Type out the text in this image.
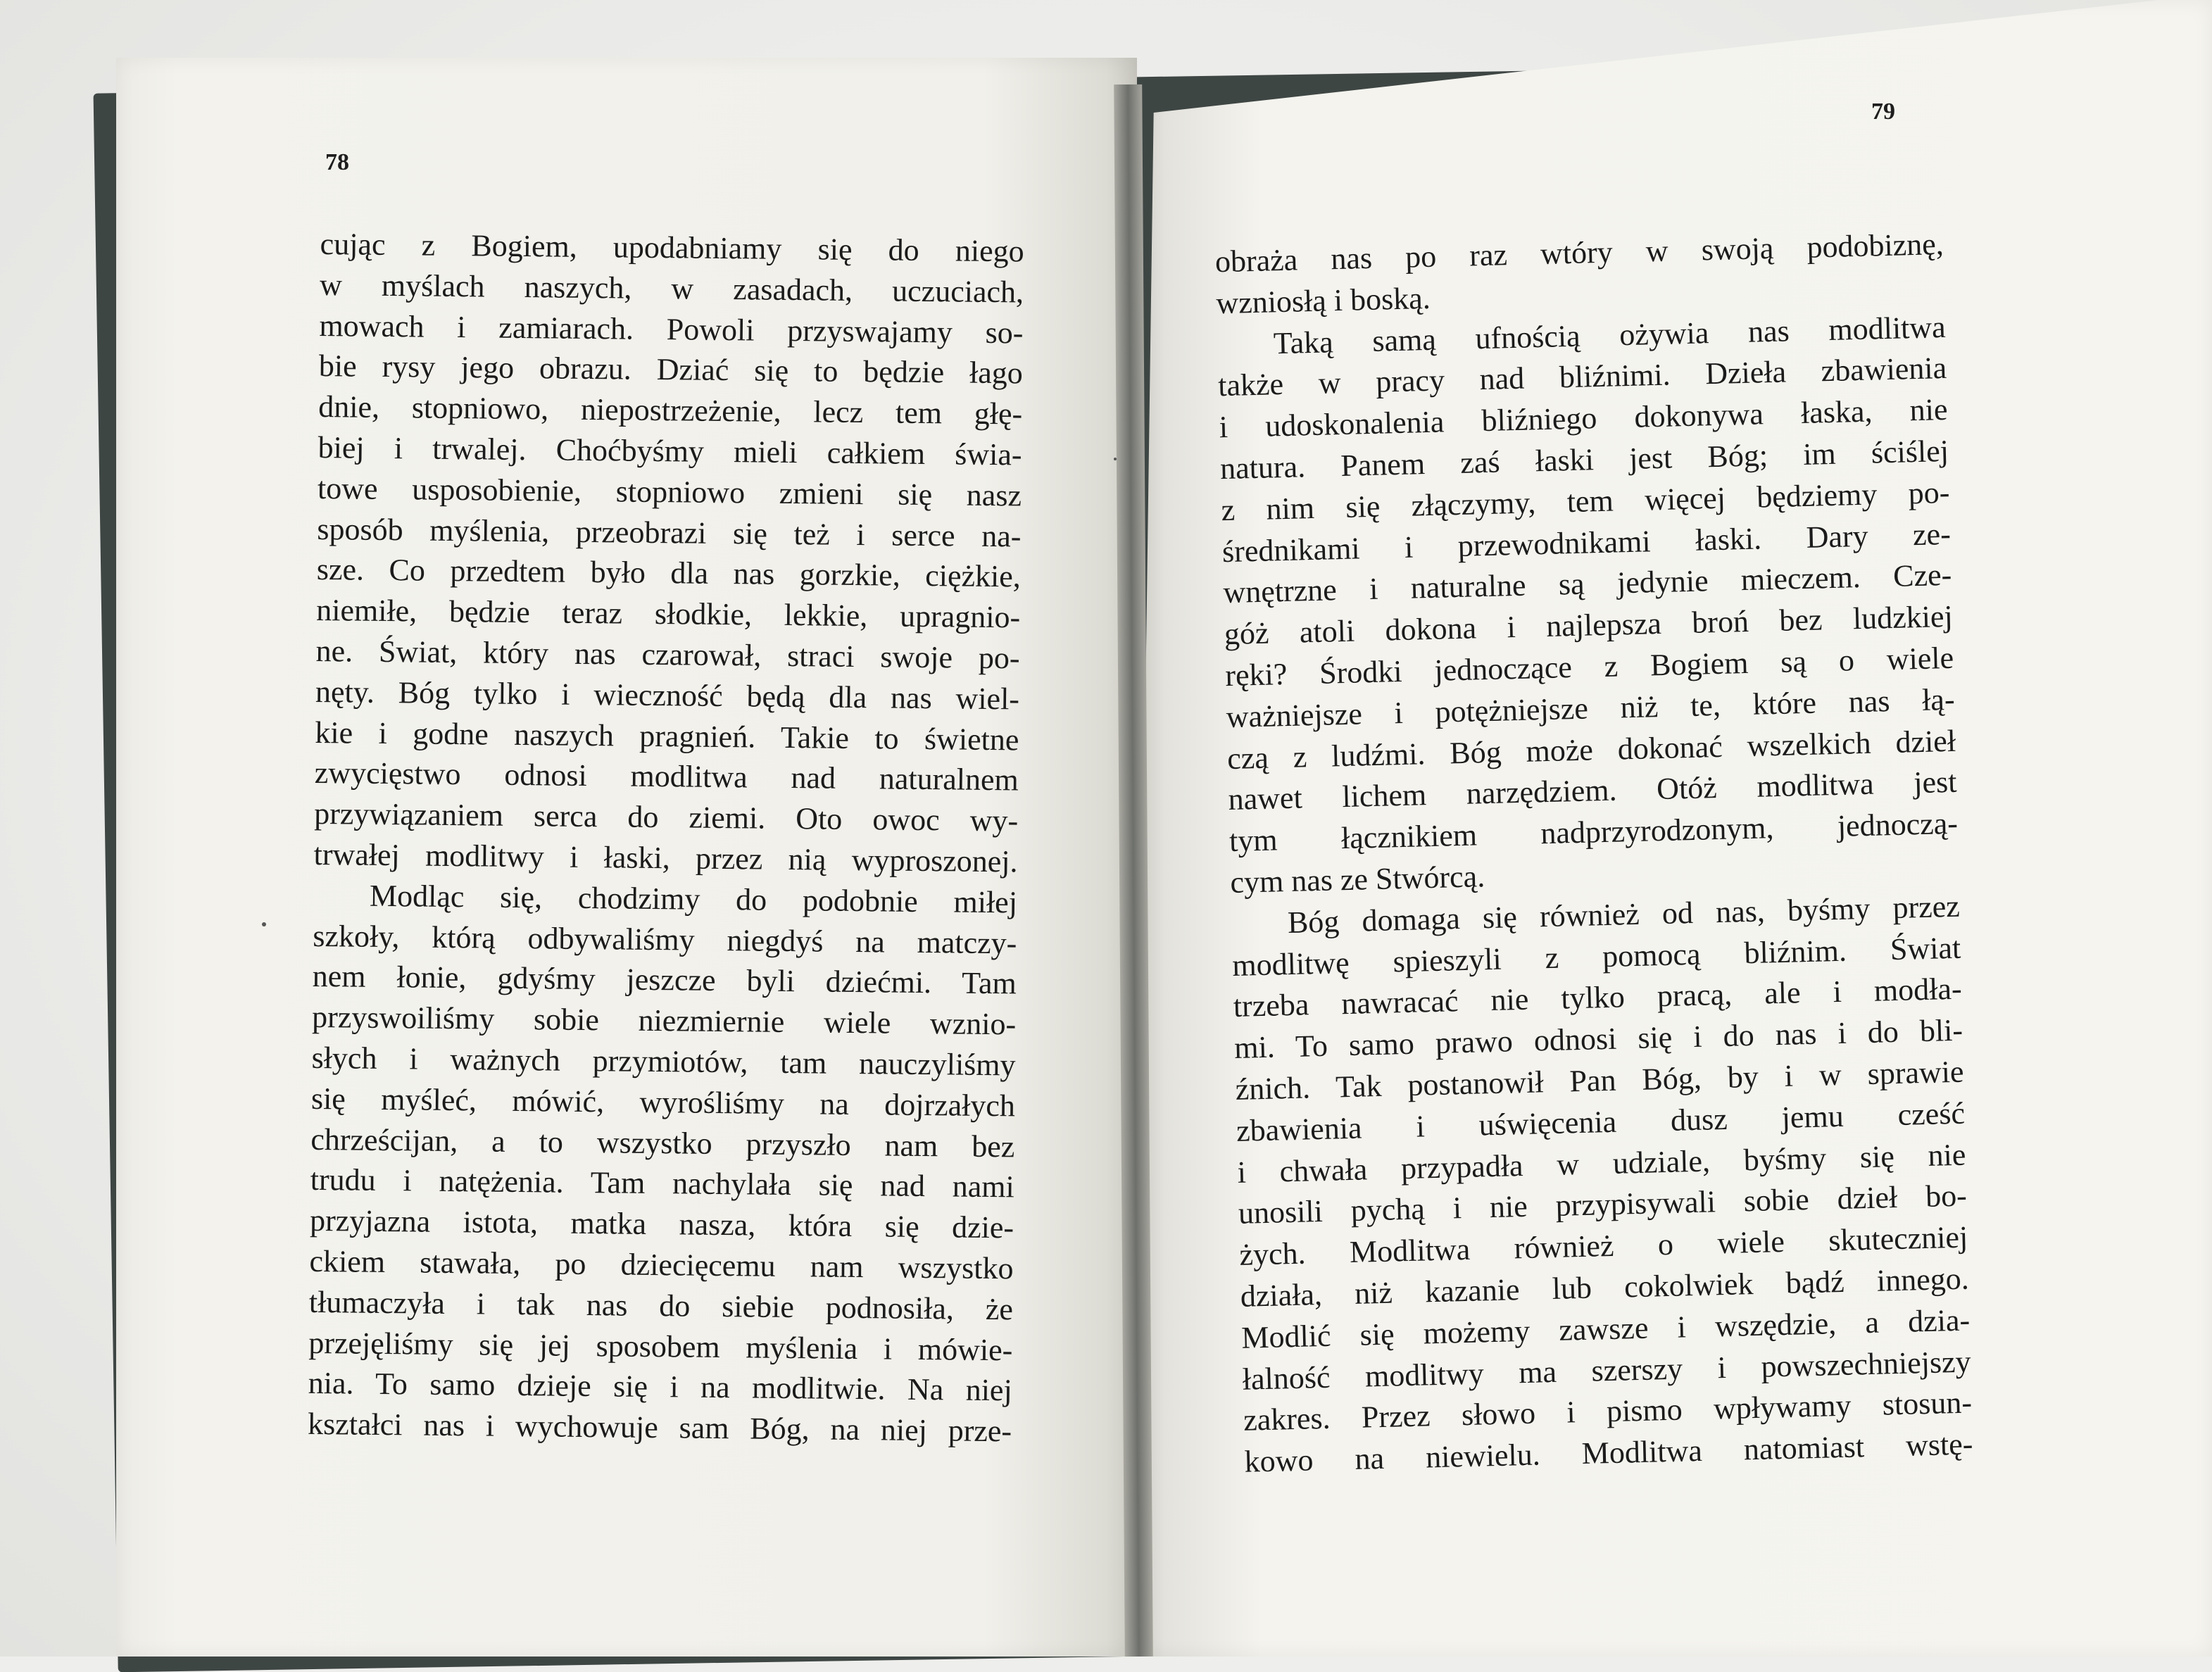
78
79
cując z Bogiem, upodabniamy się do niego
w myślach naszych, w zasadach, uczuciach,
mowach i zamiarach. Powoli przyswajamy so-
bie rysy jego obrazu. Dziać się to będzie łago
dnie, stopniowo, niepostrzeżenie, lecz tem głę-
biej i trwalej. Choćbyśmy mieli całkiem świa-
towe usposobienie, stopniowo zmieni się nasz
sposób myślenia, przeobrazi się też i serce na-
sze. Co przedtem było dla nas gorzkie, ciężkie,
niemiłe, będzie teraz słodkie, lekkie, upragnio-
ne. Świat, który nas czarował, straci swoje po-
nęty. Bóg tylko i wieczność będą dla nas wiel-
kie i godne naszych pragnień. Takie to świetne
zwycięstwo odnosi modlitwa nad naturalnem
przywiązaniem serca do ziemi. Oto owoc wy-
trwałej modlitwy i łaski, przez nią wyproszonej.
Modląc się, chodzimy do podobnie miłej
szkoły, którą odbywaliśmy niegdyś na matczy-
nem łonie, gdyśmy jeszcze byli dziećmi. Tam
przyswoiliśmy sobie niezmiernie wiele wznio-
słych i ważnych przymiotów, tam nauczyliśmy
się myśleć, mówić, wyrośliśmy na dojrzałych
chrześcijan, a to wszystko przyszło nam bez
trudu i natężenia. Tam nachylała się nad nami
przyjazna istota, matka nasza, która się dzie-
ckiem stawała, po dziecięcemu nam wszystko
tłumaczyła i tak nas do siebie podnosiła, że
przejęliśmy się jej sposobem myślenia i mówie-
nia. To samo dzieje się i na modlitwie. Na niej
kształci nas i wychowuje sam Bóg, na niej prze-
obraża nas po raz wtóry w swoją podobiznę,
wzniosłą i boską.
Taką samą ufnością ożywia nas modlitwa
także w pracy nad bliźnimi. Dzieła zbawienia
i udoskonalenia bliźniego dokonywa łaska, nie
natura. Panem zaś łaski jest Bóg; im ściślej
z nim się złączymy, tem więcej będziemy po-
średnikami i przewodnikami łaski. Dary ze-
wnętrzne i naturalne są jedynie mieczem. Cze-
góż atoli dokona i najlepsza broń bez ludzkiej
ręki? Środki jednoczące z Bogiem są o wiele
ważniejsze i potężniejsze niż te, które nas łą-
czą z ludźmi. Bóg może dokonać wszelkich dzieł
nawet lichem narzędziem. Otóż modlitwa jest
tym łącznikiem nadprzyrodzonym, jednoczą-
cym nas ze Stwórcą.
Bóg domaga się również od nas, byśmy przez
modlitwę spieszyli z pomocą bliźnim. Świat
trzeba nawracać nie tylko pracą, ale i modła-
mi. To samo prawo odnosi się i do nas i do bli-
źnich. Tak postanowił Pan Bóg, by i w sprawie
zbawienia i uświęcenia dusz jemu cześć
i chwała przypadła w udziale, byśmy się nie
unosili pychą i nie przypisywali sobie dzieł bo-
żych. Modlitwa również o wiele skuteczniej
działa, niż kazanie lub cokolwiek bądź innego.
Modlić się możemy zawsze i wszędzie, a dzia-
łalność modlitwy ma szerszy i powszechniejszy
zakres. Przez słowo i pismo wpływamy stosun-
kowo na niewielu. Modlitwa natomiast wstę-
